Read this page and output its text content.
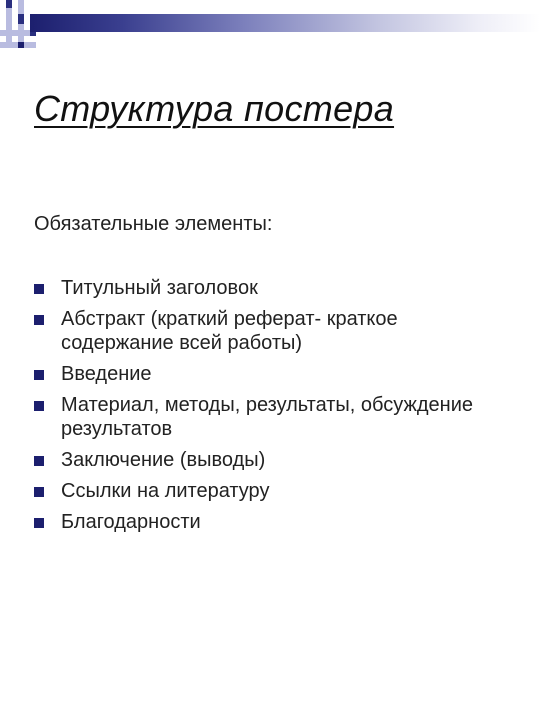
Структура постера

Обязательные элементы:

Титульный заголовок
Абстракт (краткий реферат- краткое содержание всей работы)
Введение
Материал, методы, результаты, обсуждение результатов
Заключение (выводы)
Ссылки на литературу
Благодарности
